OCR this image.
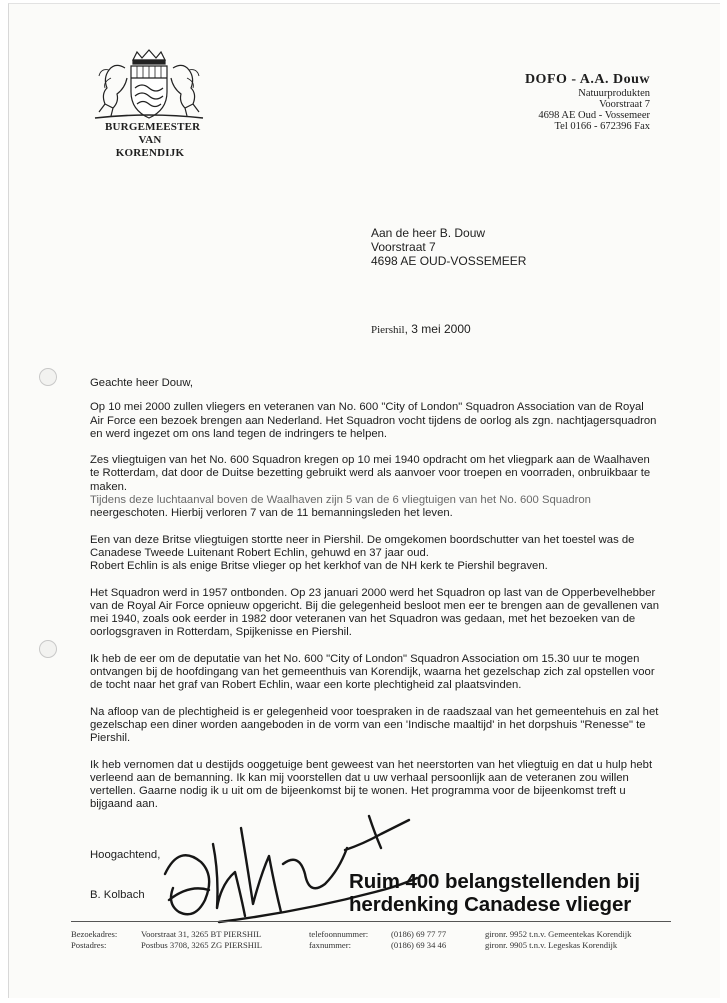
BURGEMEESTER
VAN KORENDIJK
DOFO - A.A. Douw
Natuurprodukten
Voorstraat 7
4698 AE Oud - Vossemeer
Tel 0166 - 672396 Fax
Aan de heer B. Douw
Voorstraat 7
4698 AE OUD-VOSSEMEER
Piershil, 3 mei 2000

Geachte heer Douw,

Op 10 mei 2000 zullen vliegers en veteranen van No. 600 "City of London" Squadron Association van de Royal Air Force een bezoek brengen aan Nederland. Het Squadron vocht tijdens de oorlog als zgn. nachtjagersquadron en werd ingezet om ons land tegen de indringers te helpen.

Zes vliegtuigen van het No. 600 Squadron kregen op 10 mei 1940 opdracht om het vliegpark aan de Waalhaven te Rotterdam, dat door de Duitse bezetting gebruikt werd als aanvoer voor troepen en voorraden, onbruikbaar te maken.
Tijdens deze luchtaanval boven de Waalhaven zijn 5 van de 6 vliegtuigen van het No. 600 Squadron
neergeschoten. Hierbij verloren 7 van de 11 bemanningsleden het leven.

Een van deze Britse vliegtuigen stortte neer in Piershil. De omgekomen boordschutter van het toestel was de Canadese Tweede Luitenant Robert Echlin, gehuwd en 37 jaar oud.
Robert Echlin is als enige Britse vlieger op het kerkhof van de NH kerk te Piershil begraven.

Het Squadron werd in 1957 ontbonden. Op 23 januari 2000 werd het Squadron op last van de Opperbevelhebber van de Royal Air Force opnieuw opgericht. Bij die gelegenheid besloot men eer te brengen aan de gevallenen van mei 1940, zoals ook eerder in 1982 door veteranen van het Squadron was gedaan, met het bezoeken van de oorlogsgraven in Rotterdam, Spijkenisse en Piershil.

Ik heb de eer om de deputatie van het No. 600 "City of London" Squadron Association om 15.30 uur te mogen ontvangen bij de hoofdingang van het gemeenthuis van Korendijk, waarna het gezelschap zich zal opstellen voor de tocht naar het graf van Robert Echlin, waar een korte plechtigheid zal plaatsvinden.

Na afloop van de plechtigheid is er gelegenheid voor toespraken in de raadszaal van het gemeentehuis en zal het gezelschap een diner worden aangeboden in de vorm van een 'Indische maaltijd' in het dorpshuis "Renesse" te Piershil.

Ik heb vernomen dat u destijds ooggetuige bent geweest van het neerstorten van het vliegtuig en dat u hulp hebt verleend aan de bemanning. Ik kan mij voorstellen dat u uw verhaal persoonlijk aan de veteranen zou willen vertellen. Gaarne nodig ik u uit om de bijeenkomst bij te wonen. Het programma voor de bijeenkomst treft u bijgaand aan.

Hoogachtend,
B. Kolbach
Ruim 400 belangstellenden bij
herdenking Canadese vlieger
Bezoekadres:	Voorstraat 31, 3265 BT PIERSHIL	telefoonnummer:	(0186) 69 77 77	gironr. 9952 t.n.v. Gemeentekas Korendijk
Postadres:	Postbus 3708, 3265 ZG PIERSHIL	faxnummer:	(0186) 69 34 46	gironr. 9905 t.n.v. Legeskas Korendijk
